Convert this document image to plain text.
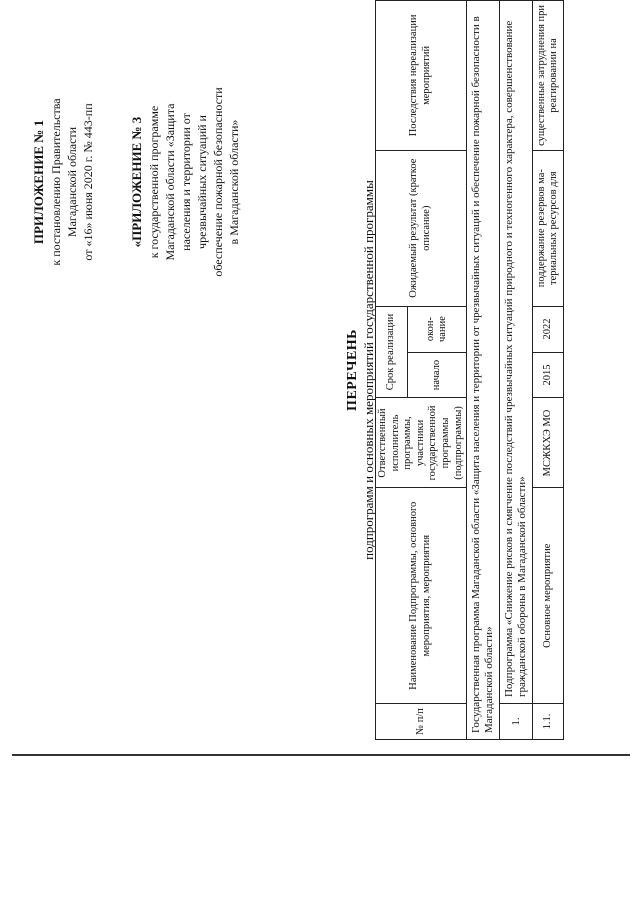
ПРИЛОЖЕНИЕ № 1 к постановлению Правительства Магаданской области от «16» июня 2020 г. № 443-пп	«ПРИЛОЖЕНИЕ № 3 к государственной программе Магаданской области «Защита населения и территории от чрезвычайных ситуаций и обеспечение пожарной безопасности в Магаданской области»
ПЕРЕЧЕНЬ подпрограмм и основных мероприятий государственной программы
№ п/п	Наименование Подпрограммы, основного мероприятия, мероприятия	Ответственный исполнитель программы, участники государственной программы (подпрограммы)	Срок реализации		Ожидаемый результат (краткое описание)	Последствия нереализации мероприятий
			начало	окон- чание		
Государственная программа Магаданской области «Защита населения и территории от чрезвычайных ситуаций и обеспечение пожарной безопасности в Магаданской области»						
1.	Подпрограмма «Снижение рисков и смягчение последствий чрезвычайных ситуаций природного и техногенного характера, совершенствование гражданской обороны в Магаданской области»					
1.1.	Основное мероприятие	МСЖКХЭ МО	2015	2022	поддержание резервов ма-териальных ресурсов для	существенные затруднения при реагировании на
